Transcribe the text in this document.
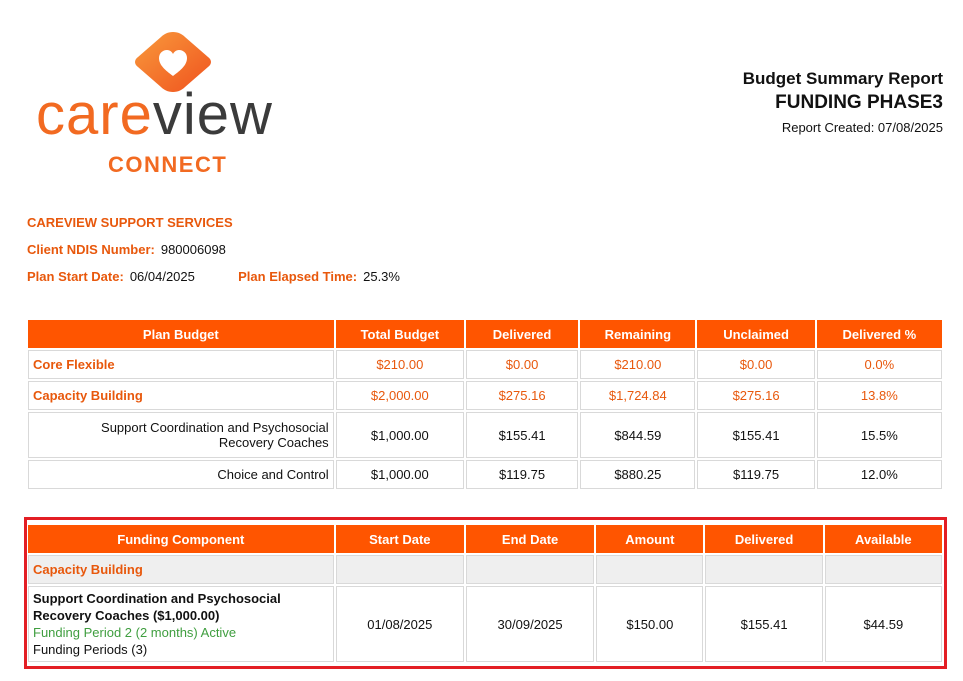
careview
CONNECT
Budget Summary Report
FUNDING PHASE3
Report Created: 07/08/2025
CAREVIEW SUPPORT SERVICES
Client NDIS Number: 980006098
Plan Start Date: 06/04/2025	Plan Elapsed Time: 25.3%
Plan Budget	Total Budget	Delivered	Remaining	Unclaimed	Delivered %
Core Flexible	$210.00	$0.00	$210.00	$0.00	0.0%
Capacity Building	$2,000.00	$275.16	$1,724.84	$275.16	13.8%
Support Coordination and Psychosocial
Recovery Coaches	$1,000.00	$155.41	$844.59	$155.41	15.5%
Choice and Control	$1,000.00	$119.75	$880.25	$119.75	12.0%
Funding Component	Start Date	End Date	Amount	Delivered	Available
Capacity Building					

Support Coordination and Psychosocial
Recovery Coaches ($1,000.00)
Funding Period 2 (2 months) Active
Funding Periods (3)	01/08/2025	30/09/2025	$150.00	$155.41	$44.59
